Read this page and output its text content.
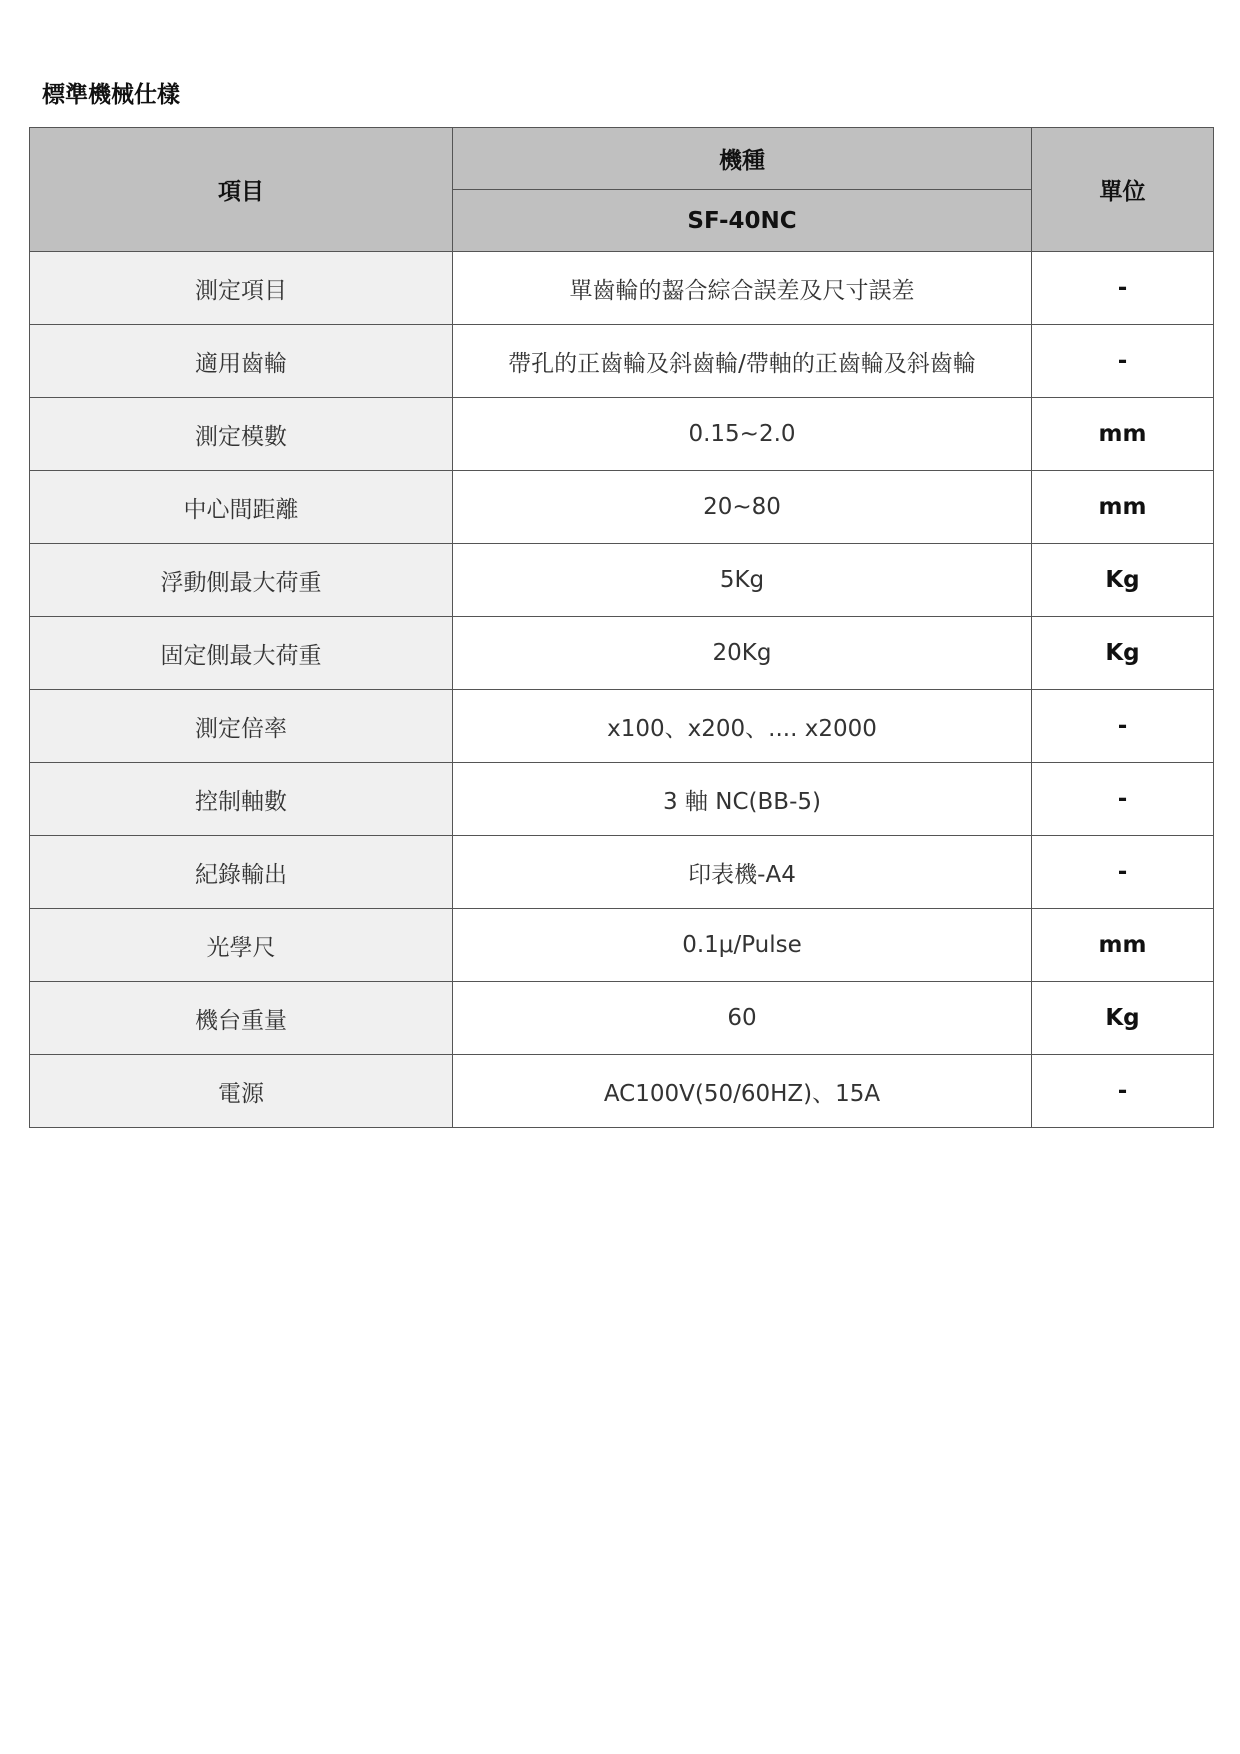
標準機械仕樣
項目	機種	單位
	SF-40NC	
測定項目	單齒輪的齧合綜合誤差及尺寸誤差	-
適用齒輪	帶孔的正齒輪及斜齒輪/帶軸的正齒輪及斜齒輪	-
測定模數	0.15~2.0	mm
中心間距離	20~80	mm
浮動側最大荷重	5Kg	Kg
固定側最大荷重	20Kg	Kg
測定倍率	x100、x200、.... x2000	-
控制軸數	3 軸 NC(BB-5)	-
紀錄輸出	印表機-A4	-
光學尺	0.1μ/Pulse	mm
機台重量	60	Kg
電源	AC100V(50/60HZ)、15A	-
